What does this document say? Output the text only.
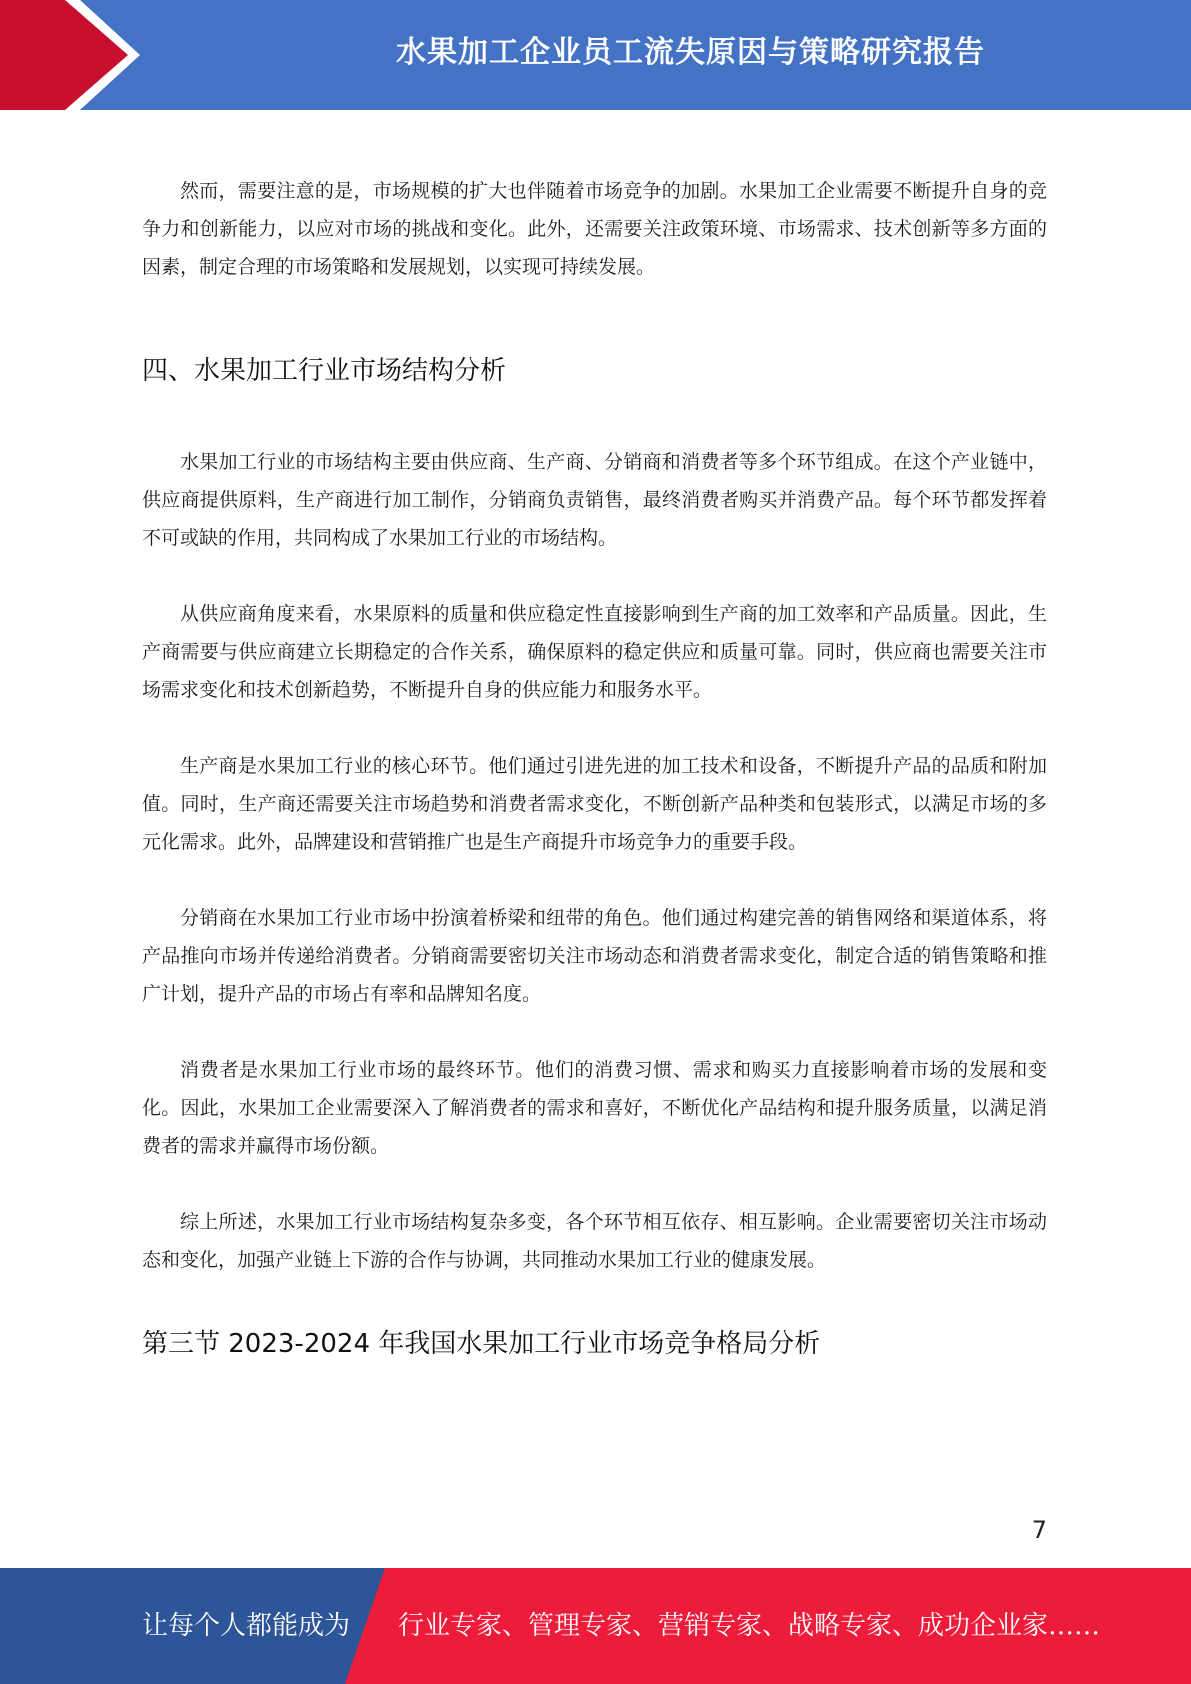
水果加工企业员工流失原因与策略研究报告

然而，需要注意的是，市场规模的扩大也伴随着市场竞争的加剧。水果加工企业需要不断提升自身的竞争力和创新能力，以应对市场的挑战和变化。此外，还需要关注政策环境、市场需求、技术创新等多方面的因素，制定合理的市场策略和发展规划，以实现可持续发展。

四、水果加工行业市场结构分析

水果加工行业的市场结构主要由供应商、生产商、分销商和消费者等多个环节组成。在这个产业链中，供应商提供原料，生产商进行加工制作，分销商负责销售，最终消费者购买并消费产品。每个环节都发挥着不可或缺的作用，共同构成了水果加工行业的市场结构。

从供应商角度来看，水果原料的质量和供应稳定性直接影响到生产商的加工效率和产品质量。因此，生产商需要与供应商建立长期稳定的合作关系，确保原料的稳定供应和质量可靠。同时，供应商也需要关注市场需求变化和技术创新趋势，不断提升自身的供应能力和服务水平。

生产商是水果加工行业的核心环节。他们通过引进先进的加工技术和设备，不断提升产品的品质和附加值。同时，生产商还需要关注市场趋势和消费者需求变化，不断创新产品种类和包装形式，以满足市场的多元化需求。此外，品牌建设和营销推广也是生产商提升市场竞争力的重要手段。

分销商在水果加工行业市场中扮演着桥梁和纽带的角色。他们通过构建完善的销售网络和渠道体系，将产品推向市场并传递给消费者。分销商需要密切关注市场动态和消费者需求变化，制定合适的销售策略和推广计划，提升产品的市场占有率和品牌知名度。

消费者是水果加工行业市场的最终环节。他们的消费习惯、需求和购买力直接影响着市场的发展和变化。因此，水果加工企业需要深入了解消费者的需求和喜好，不断优化产品结构和提升服务质量，以满足消费者的需求并赢得市场份额。

综上所述，水果加工行业市场结构复杂多变，各个环节相互依存、相互影响。企业需要密切关注市场动态和变化，加强产业链上下游的合作与协调，共同推动水果加工行业的健康发展。

第三节 2023-2024 年我国水果加工行业市场竞争格局分析
7
让每个人都能成为 行业专家、管理专家、营销专家、战略专家、成功企业家……
